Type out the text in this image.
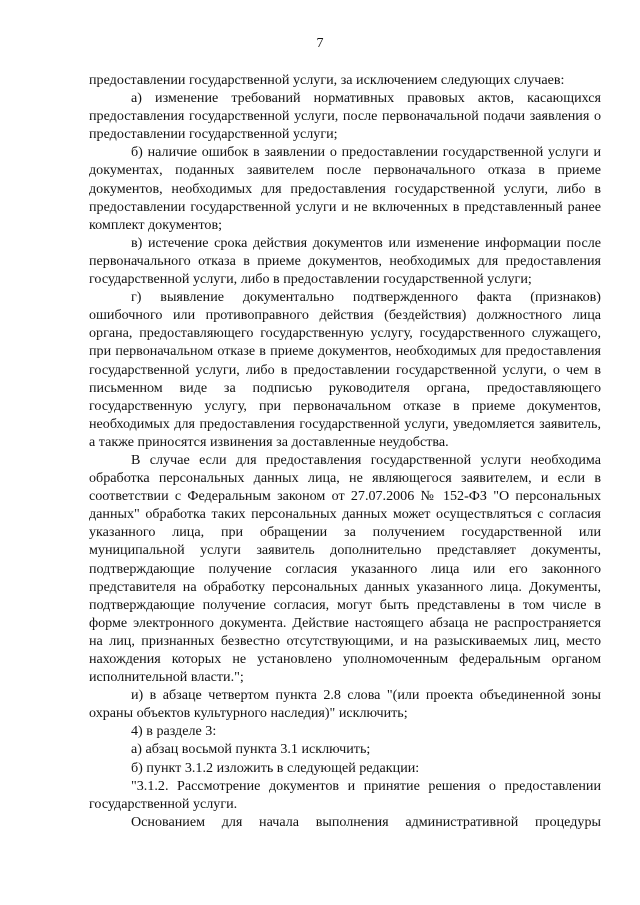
7

предоставлении государственной услуги, за исключением следующих случаев:

а) изменение требований нормативных правовых актов, касающихся предоставления государственной услуги, после первоначальной подачи заявления о предоставлении государственной услуги;

б) наличие ошибок в заявлении о предоставлении государственной услуги и документах, поданных заявителем после первоначального отказа в приеме документов, необходимых для предоставления государственной услуги, либо в предоставлении государственной услуги и не включенных в представленный ранее комплект документов;

в) истечение срока действия документов или изменение информации после первоначального отказа в приеме документов, необходимых для предоставления государственной услуги, либо в предоставлении государственной услуги;

г) выявление документально подтвержденного факта (признаков) ошибочного или противоправного действия (бездействия) должностного лица органа, предоставляющего государственную услугу, государственного служащего, при первоначальном отказе в приеме документов, необходимых для предоставления государственной услуги, либо в предоставлении государственной услуги, о чем в письменном виде за подписью руководителя органа, предоставляющего государственную услугу, при первоначальном отказе в приеме документов, необходимых для предоставления государственной услуги, уведомляется заявитель, а также приносятся извинения за доставленные неудобства.

В случае если для предоставления государственной услуги необходима обработка персональных данных лица, не являющегося заявителем, и если в соответствии с Федеральным законом от 27.07.2006 № 152-ФЗ "О персональных данных" обработка таких персональных данных может осуществляться с согласия указанного лица, при обращении за получением государственной или муниципальной услуги заявитель дополнительно представляет документы, подтверждающие получение согласия указанного лица или его законного представителя на обработку персональных данных указанного лица. Документы, подтверждающие получение согласия, могут быть представлены в том числе в форме электронного документа. Действие настоящего абзаца не распространяется на лиц, признанных безвестно отсутствующими, и на разыскиваемых лиц, место нахождения которых не установлено уполномоченным федеральным органом исполнительной власти.";

и) в абзаце четвертом пункта 2.8 слова "(или проекта объединенной зоны охраны объектов культурного наследия)" исключить;

4) в разделе 3:

а) абзац восьмой пункта 3.1 исключить;

б) пункт 3.1.2 изложить в следующей редакции:

"3.1.2. Рассмотрение документов и принятие решения о предоставлении государственной услуги.

Основанием для начала выполнения административной процедуры
